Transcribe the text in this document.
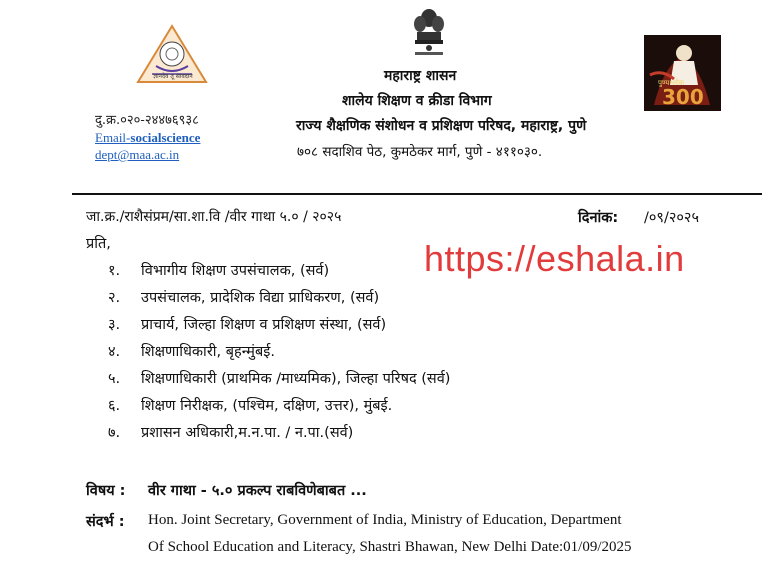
ज्ञानदेव तू सावदान
पुण्यश्लोक
300
महाराष्ट्र शासन
शालेय शिक्षण व क्रीडा विभाग
राज्य शैक्षणिक संशोधन व प्रशिक्षण परिषद, महाराष्ट्र, पुणे
७०८ सदाशिव पेठ, कुमठेकर मार्ग, पुणे - ४११०३०.
दु.क्र.०२०-२४४७६९३८
Email-socialscience
dept@maa.ac.in
जा.क्र./राशैसंप्रम/सा.शा.वि /वीर गाथा ५.० / २०२५	दिनांक: /०९/२०२५
प्रति,	https://eshala.in
१. विभागीय शिक्षण उपसंचालक, (सर्व)
२. उपसंचालक, प्रादेशिक विद्या प्राधिकरण, (सर्व)
३. प्राचार्य, जिल्हा शिक्षण व प्रशिक्षण संस्था, (सर्व)
४. शिक्षणाधिकारी, बृहन्मुंबई.
५. शिक्षणाधिकारी (प्राथमिक /माध्यमिक), जिल्हा परिषद (सर्व)
६. शिक्षण निरीक्षक, (पश्चिम, दक्षिण, उत्तर), मुंबई.
७. प्रशासन अधिकारी,म.न.पा. / न.पा.(सर्व)
विषय : वीर गाथा - ५.० प्रकल्प राबविणेबाबत ...
संदर्भ : Hon. Joint Secretary, Government of India, Ministry of Education, Department
Of School Education and Literacy, Shastri Bhawan, New Delhi Date:01/09/2025
